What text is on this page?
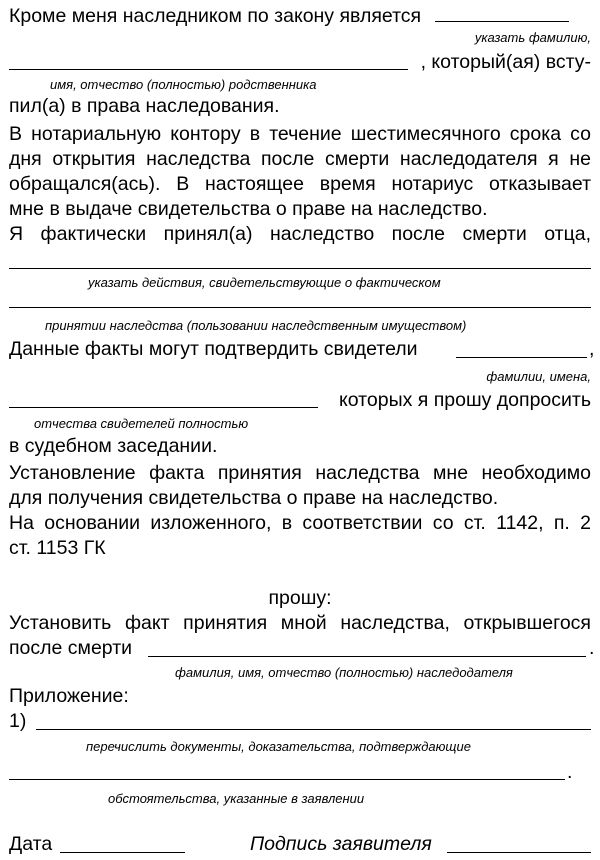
Кроме меня наследником по закону является
указать фамилию,
, который(ая) всту-
имя, отчество (полностью) родственника
пил(а) в права наследования.
В нотариальную контору в течение шестимесячного срока со
дня открытия наследства после смерти наследодателя я не
обращался(ась). В настоящее время нотариус отказывает
мне в выдаче свидетельства о праве на наследство.
Я фактически принял(а) наследство после смерти отца,
указать действия, свидетельствующие о фактическом
принятии наследства (пользовании наследственным имуществом)
Данные факты могут подтвердить свидетели	,
фамилии, имена,
которых я прошу допросить
отчества свидетелей полностью
в судебном заседании.
Установление факта принятия наследства мне необходимо
для получения свидетельства о праве на наследство.
На основании изложенного, в соответствии со ст. 1142, п. 2
ст. 1153 ГК
прошу:
Установить факт принятия мной наследства, открывшегося
после смерти	.
фамилия, имя, отчество (полностью) наследодателя
Приложение:
1)
перечислить документы, доказательства, подтверждающие
.
обстоятельства, указанные в заявлении
Дата	Подпись заявителя
